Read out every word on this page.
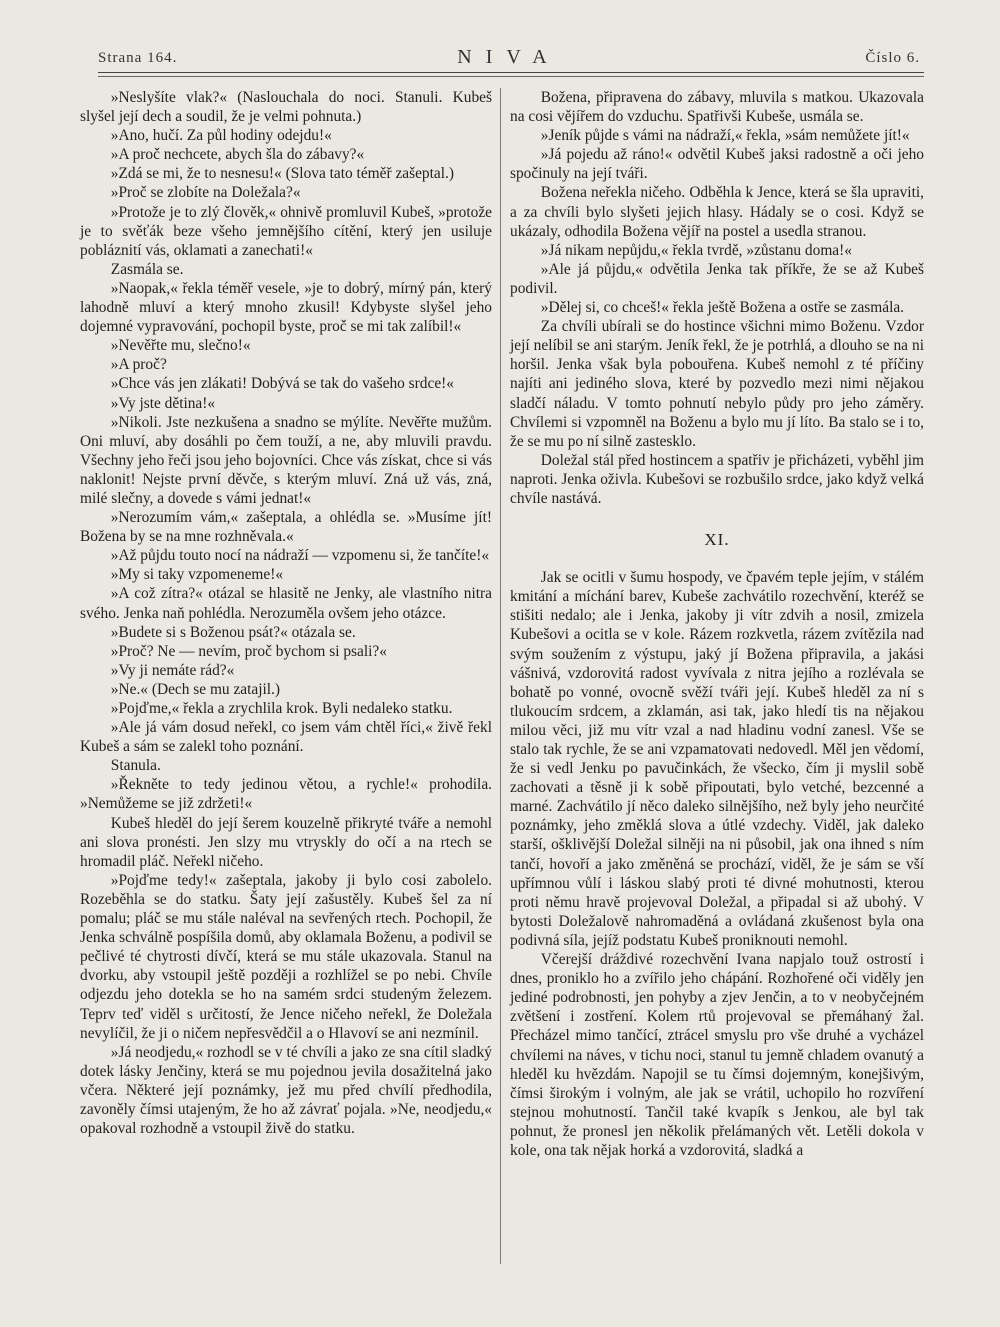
Strana 164.	NIVA	Číslo 6.

»Neslyšíte vlak?« (Naslouchala do noci. Stanuli. Kubeš slyšel její dech a soudil, že je velmi pohnuta.)

»Ano, hučí. Za půl hodiny odejdu!«

»A proč nechcete, abych šla do zábavy?«

»Zdá se mi, že to nesnesu!« (Slova tato téměř zašeptal.)

»Proč se zlobíte na Doležala?«

»Protože je to zlý člověk,« ohnivě promluvil Kubeš, »protože je to svěťák beze všeho jemnějšího cítění, který jen usiluje pobláznití vás, oklamati a zanechati!«

Zasmála se.

»Naopak,« řekla téměř vesele, »je to dobrý, mírný pán, který lahodně mluví a který mnoho zkusil! Kdybyste slyšel jeho dojemné vypravování, pochopil byste, proč se mi tak zalíbil!«

»Nevěřte mu, slečno!«

»A proč?

»Chce vás jen zlákati! Dobývá se tak do vašeho srdce!«

»Vy jste dětina!«

»Nikoli. Jste nezkušena a snadno se mýlíte. Nevěřte mužům. Oni mluví, aby dosáhli po čem touží, a ne, aby mluvili pravdu. Všechny jeho řeči jsou jeho bojovníci. Chce vás získat, chce si vás naklonit! Nejste první děvče, s kterým mluví. Zná už vás, zná, milé slečny, a dovede s vámi jednat!«

»Nerozumím vám,« zašeptala, a ohlédla se. »Musíme jít! Božena by se na mne rozhněvala.«

»Až půjdu touto nocí na nádraží — vzpomenu si, že tančíte!«

»My si taky vzpomeneme!«

»A což zítra?« otázal se hlasitě ne Jenky, ale vlastního nitra svého. Jenka naň pohlédla. Nerozuměla ovšem jeho otázce.

»Budete si s Boženou psát?« otázala se.

»Proč? Ne — nevím, proč bychom si psali?«

»Vy ji nemáte rád?«

»Ne.« (Dech se mu zatajil.)

»Pojďme,« řekla a zrychlila krok. Byli nedaleko statku.

»Ale já vám dosud neřekl, co jsem vám chtěl říci,« živě řekl Kubeš a sám se zalekl toho poznání.

Stanula.

»Řekněte to tedy jedinou větou, a rychle!« prohodila. »Nemůžeme se již zdržeti!«

Kubeš hleděl do její šerem kouzelně přikryté tváře a nemohl ani slova pronésti. Jen slzy mu vtryskly do očí a na rtech se hromadil pláč. Neřekl ničeho.

»Pojďme tedy!« zašeptala, jakoby ji bylo cosi zabolelo. Rozeběhla se do statku. Šaty její zašustěly. Kubeš šel za ní pomalu; pláč se mu stále naléval na sevřených rtech. Pochopil, že Jenka schválně pospíšila domů, aby oklamala Boženu, a podivil se pečlivé té chytrosti dívčí, která se mu stále ukazovala. Stanul na dvorku, aby vstoupil ještě později a rozhlížel se po nebi. Chvíle odjezdu jeho dotekla se ho na samém srdci studeným železem. Teprv teď viděl s určitostí, že Jence ničeho neřekl, že Doležala nevylíčil, že ji o ničem nepřesvědčil a o Hlavoví se ani nezmínil.

»Já neodjedu,« rozhodl se v té chvíli a jako ze sna cítil sladký dotek lásky Jenčiny, která se mu pojednou jevila dosažitelná jako včera. Některé její poznámky, jež mu před chvílí předhodila, zavoněly čímsi utajeným, že ho až závrať pojala. »Ne, neodjedu,« opakoval rozhodně a vstoupil živě do statku.

Božena, připravena do zábavy, mluvila s matkou. Ukazovala na cosi vějířem do vzduchu. Spatřivši Kubeše, usmála se.

»Jeník půjde s vámi na nádraží,« řekla, »sám nemůžete jít!«

»Já pojedu až ráno!« odvětil Kubeš jaksi radostně a oči jeho spočinuly na její tváři.

Božena neřekla ničeho. Odběhla k Jence, která se šla upraviti, a za chvíli bylo slyšeti jejich hlasy. Hádaly se o cosi. Když se ukázaly, odhodila Božena vějíř na postel a usedla stranou.

»Já nikam nepůjdu,« řekla tvrdě, »zůstanu doma!«

»Ale já půjdu,« odvětila Jenka tak příkře, že se až Kubeš podivil.

»Dělej si, co chceš!« řekla ještě Božena a ostře se zasmála.

Za chvíli ubírali se do hostince všichni mimo Boženu. Vzdor její nelíbil se ani starým. Jeník řekl, že je potrhlá, a dlouho se na ni horšil. Jenka však byla pobouřena. Kubeš nemohl z té příčiny najíti ani jediného slova, které by pozvedlo mezi nimi nějakou sladčí náladu. V tomto pohnutí nebylo půdy pro jeho záměry. Chvílemi si vzpomněl na Boženu a bylo mu jí líto. Ba stalo se i to, že se mu po ní silně zastesklo.

Doležal stál před hostincem a spatřiv je přicházeti, vyběhl jim naproti. Jenka oživla. Kubešovi se rozbušilo srdce, jako když velká chvíle nastává.

XI.

Jak se ocitli v šumu hospody, ve čpavém teple jejím, v stálém kmitání a míchání barev, Kubeše zachvátilo rozechvění, kteréž se stišiti nedalo; ale i Jenka, jakoby ji vítr zdvih a nosil, zmizela Kubešovi a ocitla se v kole. Rázem rozkvetla, rázem zvítězila nad svým soužením z výstupu, jaký jí Božena připravila, a jakási vášnivá, vzdorovitá radost vyvívala z nitra jejího a rozlévala se bohatě po vonné, ovocně svěží tváři její. Kubeš hleděl za ní s tlukoucím srdcem, a zklamán, asi tak, jako hledí tis na nějakou milou věci, již mu vítr vzal a nad hladinu vodní zanesl. Vše se stalo tak rychle, že se ani vzpamatovati nedovedl. Měl jen vědomí, že si vedl Jenku po pavučinkách, že všecko, čím ji myslil sobě zachovati a těsně ji k sobě připoutati, bylo vetché, bezcenné a marné. Zachvátilo jí něco daleko silnějšího, než byly jeho neurčité poznámky, jeho změklá slova a útlé vzdechy. Viděl, jak daleko starší, ošklivější Doležal silněji na ni působil, jak ona ihned s ním tančí, hovoří a jako změněná se prochází, viděl, že je sám se vší upřímnou vůlí i láskou slabý proti té divné mohutnosti, kterou proti němu hravě projevoval Doležal, a připadal si až ubohý. V bytosti Doležalově nahromaděná a ovládaná zkušenost byla ona podivná síla, jejíž podstatu Kubeš proniknouti nemohl.

Včerejší dráždivé rozechvění Ivana napjalo touž ostrostí i dnes, proniklo ho a zvířilo jeho chápání. Rozhořené oči viděly jen jediné podrobnosti, jen pohyby a zjev Jenčin, a to v neobyčejném zvětšení i zostření. Kolem rtů projevoval se přemáhaný žal. Přecházel mimo tančící, ztrácel smyslu pro vše druhé a vycházel chvílemi na náves, v tichu noci, stanul tu jemně chladem ovanutý a hleděl ku hvězdám. Napojil se tu čímsi dojemným, konejšivým, čímsi širokým i volným, ale jak se vrátil, uchopilo ho rozvíření stejnou mohutností. Tančil také kvapík s Jenkou, ale byl tak pohnut, že pronesl jen několik přelámaných vět. Letěli dokola v kole, ona tak nějak horká a vzdorovitá, sladká a
